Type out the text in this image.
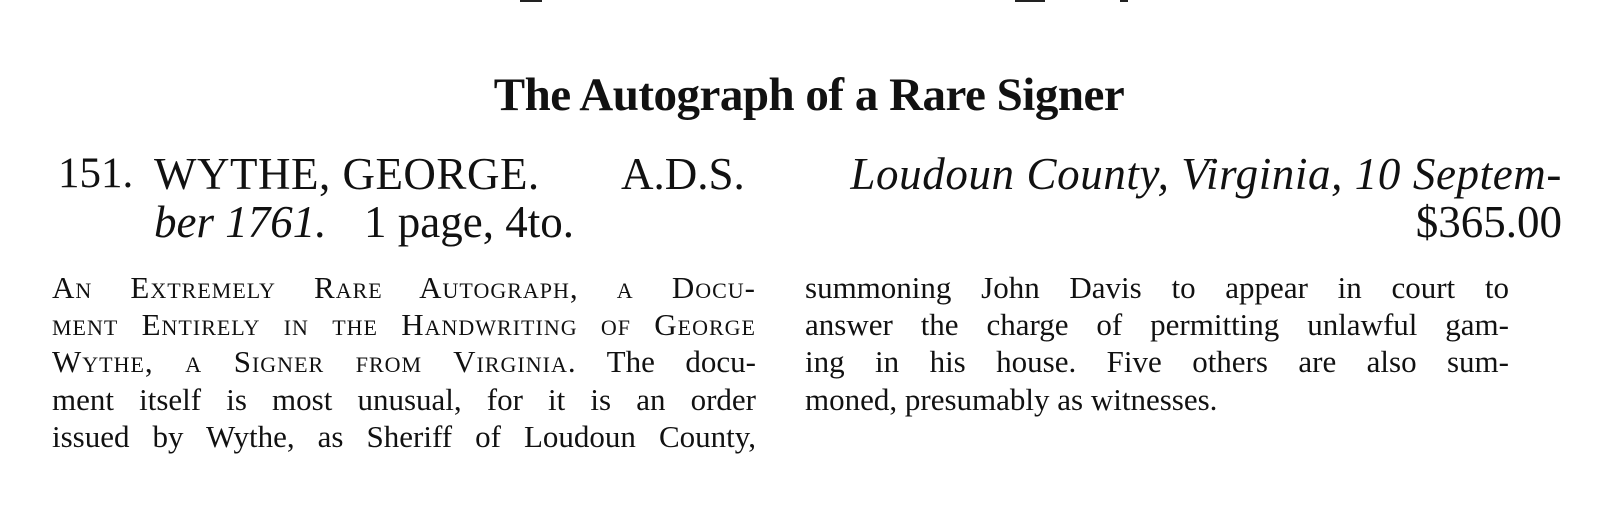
The Autograph of a Rare Signer
151. WYTHE, GEORGE. A.D.S. Loudoun County, Virginia, 10 Septem-
ber 1761. 1 page, 4to.	$365.00
An Extremely Rare Autograph, a Docu-
ment Entirely in the Handwriting of George
Wythe, a Signer from Virginia. The docu-
ment itself is most unusual, for it is an order
issued by Wythe, as Sheriff of Loudoun County,
summoning John Davis to appear in court to
answer the charge of permitting unlawful gam-
ing in his house. Five others are also sum-
moned, presumably as witnesses.
